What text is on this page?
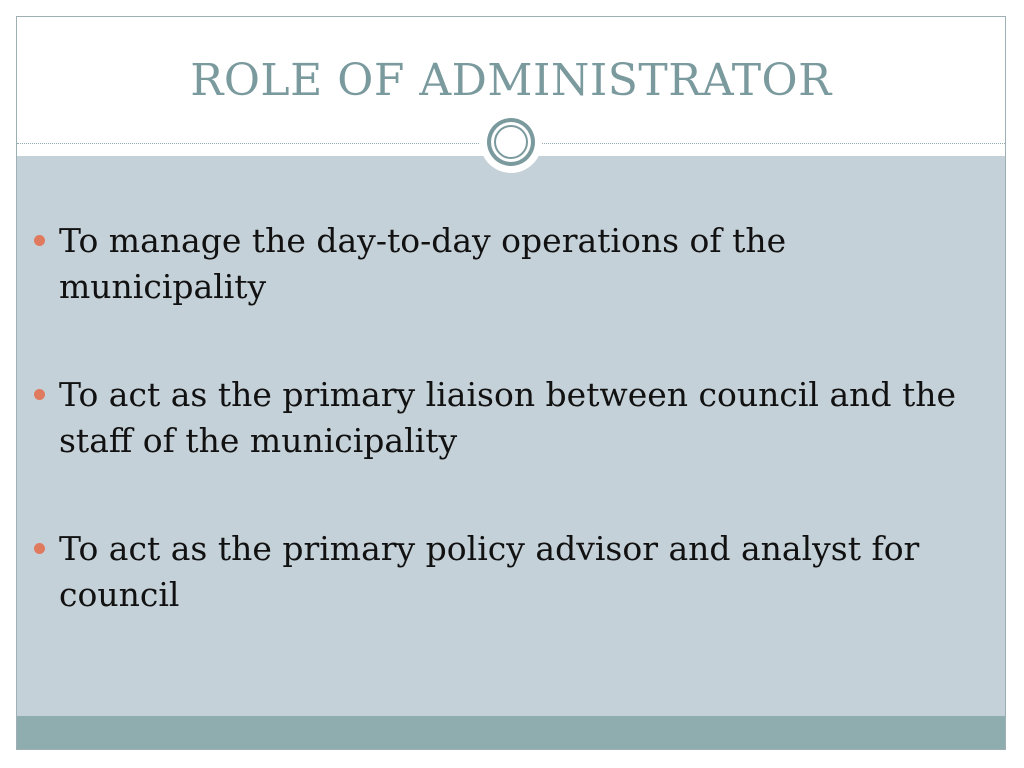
ROLE OF ADMINISTRATOR
To manage the day-to-day operations of the municipality
To act as the primary liaison between council and the staff of the municipality
To act as the primary policy advisor and analyst for council
